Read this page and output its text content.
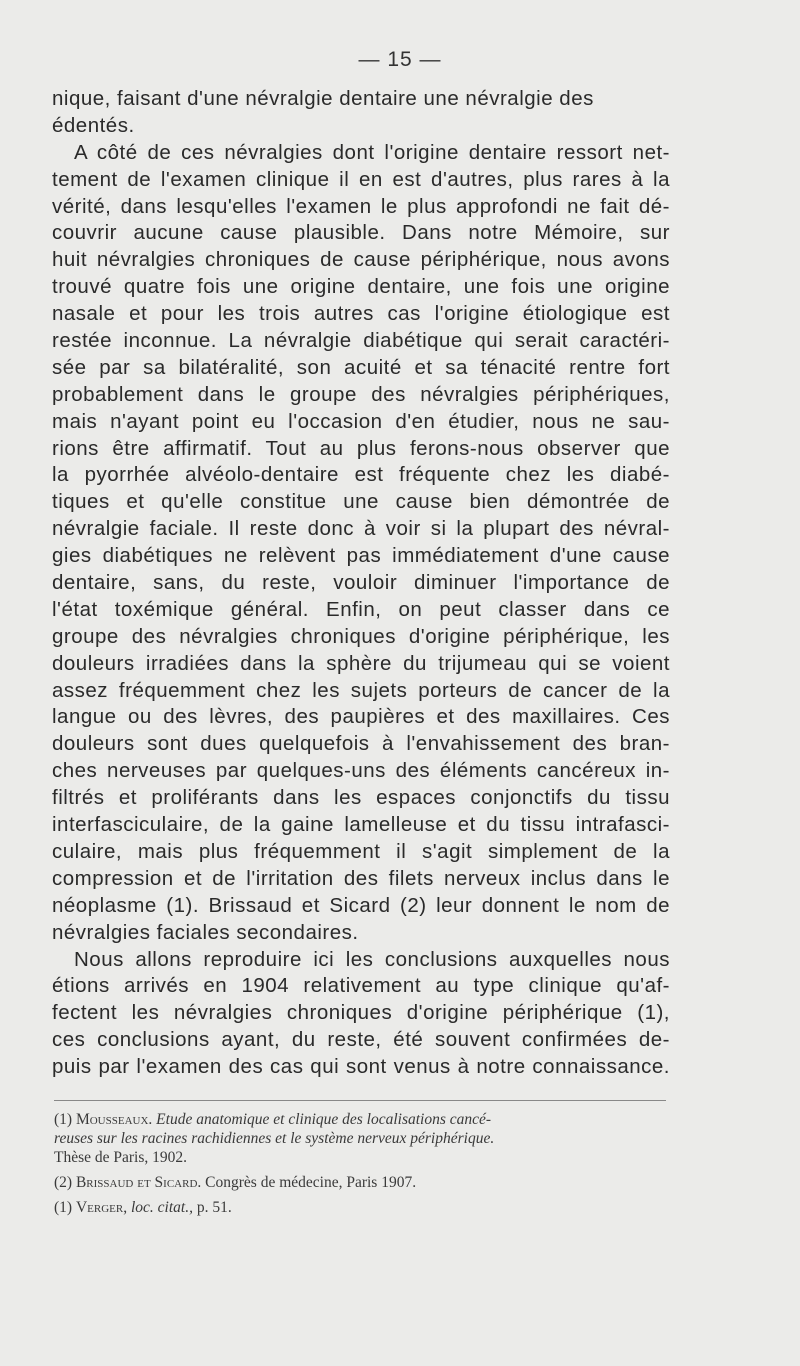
— 15 —
nique, faisant d'une névralgie dentaire une névralgie des
édentés.
A côté de ces névralgies dont l'origine dentaire ressort net-
tement de l'examen clinique il en est d'autres, plus rares à la
vérité, dans lesqu'elles l'examen le plus approfondi ne fait dé-
couvrir aucune cause plausible. Dans notre Mémoire, sur
huit névralgies chroniques de cause périphérique, nous avons
trouvé quatre fois une origine dentaire, une fois une origine
nasale et pour les trois autres cas l'origine étiologique est
restée inconnue. La névralgie diabétique qui serait caractéri-
sée par sa bilatéralité, son acuité et sa ténacité rentre fort
probablement dans le groupe des névralgies périphériques,
mais n'ayant point eu l'occasion d'en étudier, nous ne sau-
rions être affirmatif. Tout au plus ferons-nous observer que
la pyorrhée alvéolo-dentaire est fréquente chez les diabé-
tiques et qu'elle constitue une cause bien démontrée de
névralgie faciale. Il reste donc à voir si la plupart des névral-
gies diabétiques ne relèvent pas immédiatement d'une cause
dentaire, sans, du reste, vouloir diminuer l'importance de
l'état toxémique général. Enfin, on peut classer dans ce
groupe des névralgies chroniques d'origine périphérique, les
douleurs irradiées dans la sphère du trijumeau qui se voient
assez fréquemment chez les sujets porteurs de cancer de la
langue ou des lèvres, des paupières et des maxillaires. Ces
douleurs sont dues quelquefois à l'envahissement des bran-
ches nerveuses par quelques-uns des éléments cancéreux in-
filtrés et proliférants dans les espaces conjonctifs du tissu
interfasciculaire, de la gaine lamelleuse et du tissu intrafasci-
culaire, mais plus fréquemment il s'agit simplement de la
compression et de l'irritation des filets nerveux inclus dans le
néoplasme (1). Brissaud et Sicard (2) leur donnent le nom de
névralgies faciales secondaires.
Nous allons reproduire ici les conclusions auxquelles nous
étions arrivés en 1904 relativement au type clinique qu'af-
fectent les névralgies chroniques d'origine périphérique (1),
ces conclusions ayant, du reste, été souvent confirmées de-
puis par l'examen des cas qui sont venus à notre connaissance.
(1) Mousseaux. Etude anatomique et clinique des localisations cancé-
reuses sur les racines rachidiennes et le système nerveux périphérique.
Thèse de Paris, 1902.
(2) Brissaud et Sicard. Congrès de médecine, Paris 1907.
(1) Verger, loc. citat., p. 51.
